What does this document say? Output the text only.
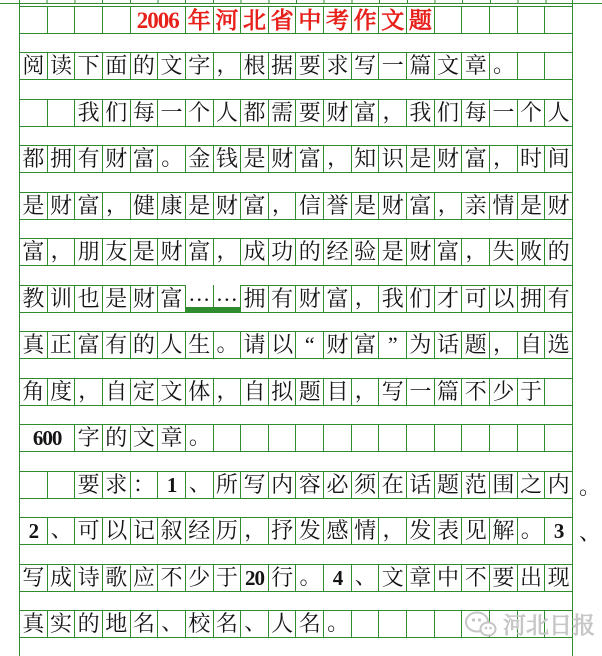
2006 年 河 北 省 中 考 作 文 题
阅 读 下 面 的 文 字 ， 根 据 要 求 写 一 篇 文 章 。
我 们 每 一 个 人 都 需 要 财 富 ， 我 们 每 一 个 人
都 拥 有 财 富 。 金 钱 是 财 富 ， 知 识 是 财 富 ， 时 间
是 财 富 ， 健 康 是 财 富 ， 信 誉 是 财 富 ， 亲 情 是 财
富 ， 朋 友 是 财 富 ， 成 功 的 经 验 是 财 富 ， 失 败 的
教 训 也 是 财 富 … … 拥 有 财 富 ， 我 们 才 可 以 拥 有
真 正 富 有 的 人 生 。 请 以 “ 财 富 ” 为 话 题 ， 自 选
角 度 ， 自 定 文 体 ， 自 拟 题 目 ， 写 一 篇 不 少 于
600 字 的 文 章 。
要 求 ： 1 、 所 写 内 容 必 须 在 话 题 范 围 之 内 。
2 、 可 以 记 叙 经 历 ， 抒 发 感 情 ， 发 表 见 解 。 3 、
写 成 诗 歌 应 不 少 于 20 行 。 4 、 文 章 中 不 要 出 现
真 实 的 地 名 、 校 名 、 人 名 。	河北日报
